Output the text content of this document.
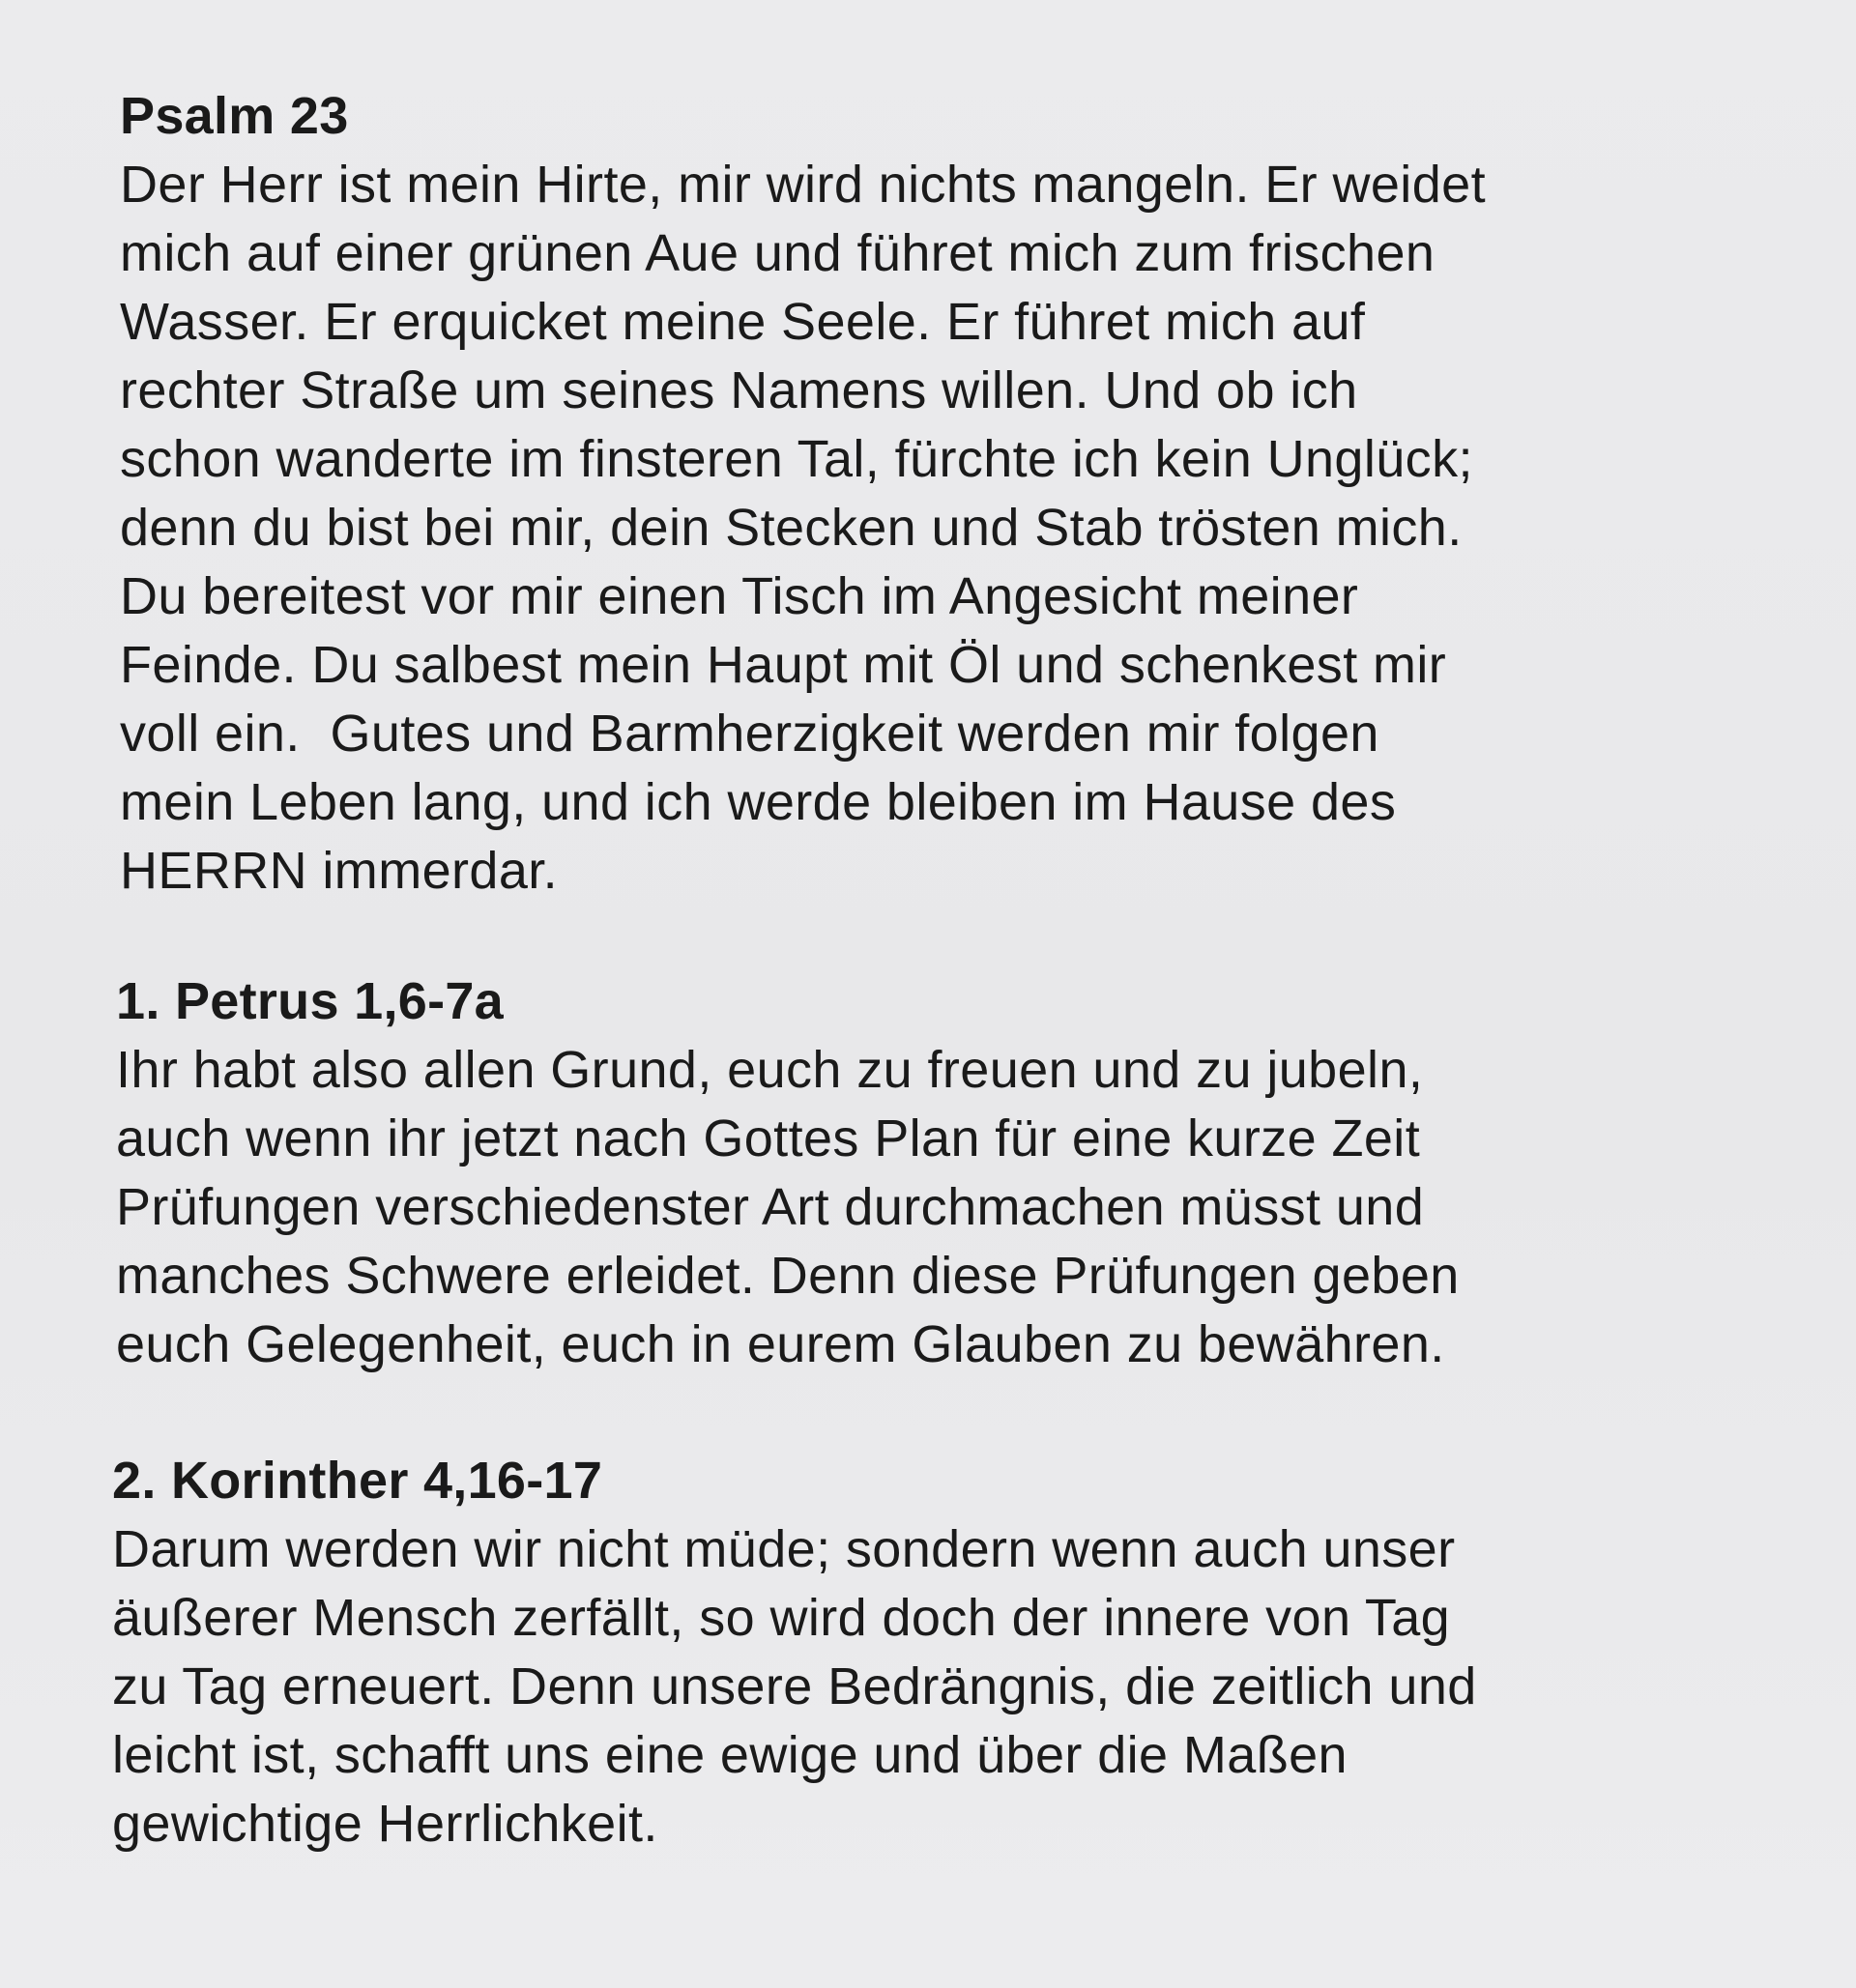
Psalm 23

Der Herr ist mein Hirte, mir wird nichts mangeln. Er weidet

mich auf einer grünen Aue und führet mich zum frischen

Wasser. Er erquicket meine Seele. Er führet mich auf

rechter Straße um seines Namens willen. Und ob ich

schon wanderte im finsteren Tal, fürchte ich kein Unglück;

denn du bist bei mir, dein Stecken und Stab trösten mich.

Du bereitest vor mir einen Tisch im Angesicht meiner

Feinde. Du salbest mein Haupt mit Öl und schenkest mir

voll ein.  Gutes und Barmherzigkeit werden mir folgen

mein Leben lang, und ich werde bleiben im Hause des

HERRN immerdar.

1. Petrus 1,6-7a

Ihr habt also allen Grund, euch zu freuen und zu jubeln,

auch wenn ihr jetzt nach Gottes Plan für eine kurze Zeit

Prüfungen verschiedenster Art durchmachen müsst und

manches Schwere erleidet. Denn diese Prüfungen geben

euch Gelegenheit, euch in eurem Glauben zu bewähren.

2. Korinther 4,16-17

Darum werden wir nicht müde; sondern wenn auch unser

äußerer Mensch zerfällt, so wird doch der innere von Tag

zu Tag erneuert. Denn unsere Bedrängnis, die zeitlich und

leicht ist, schafft uns eine ewige und über die Maßen

gewichtige Herrlichkeit.
